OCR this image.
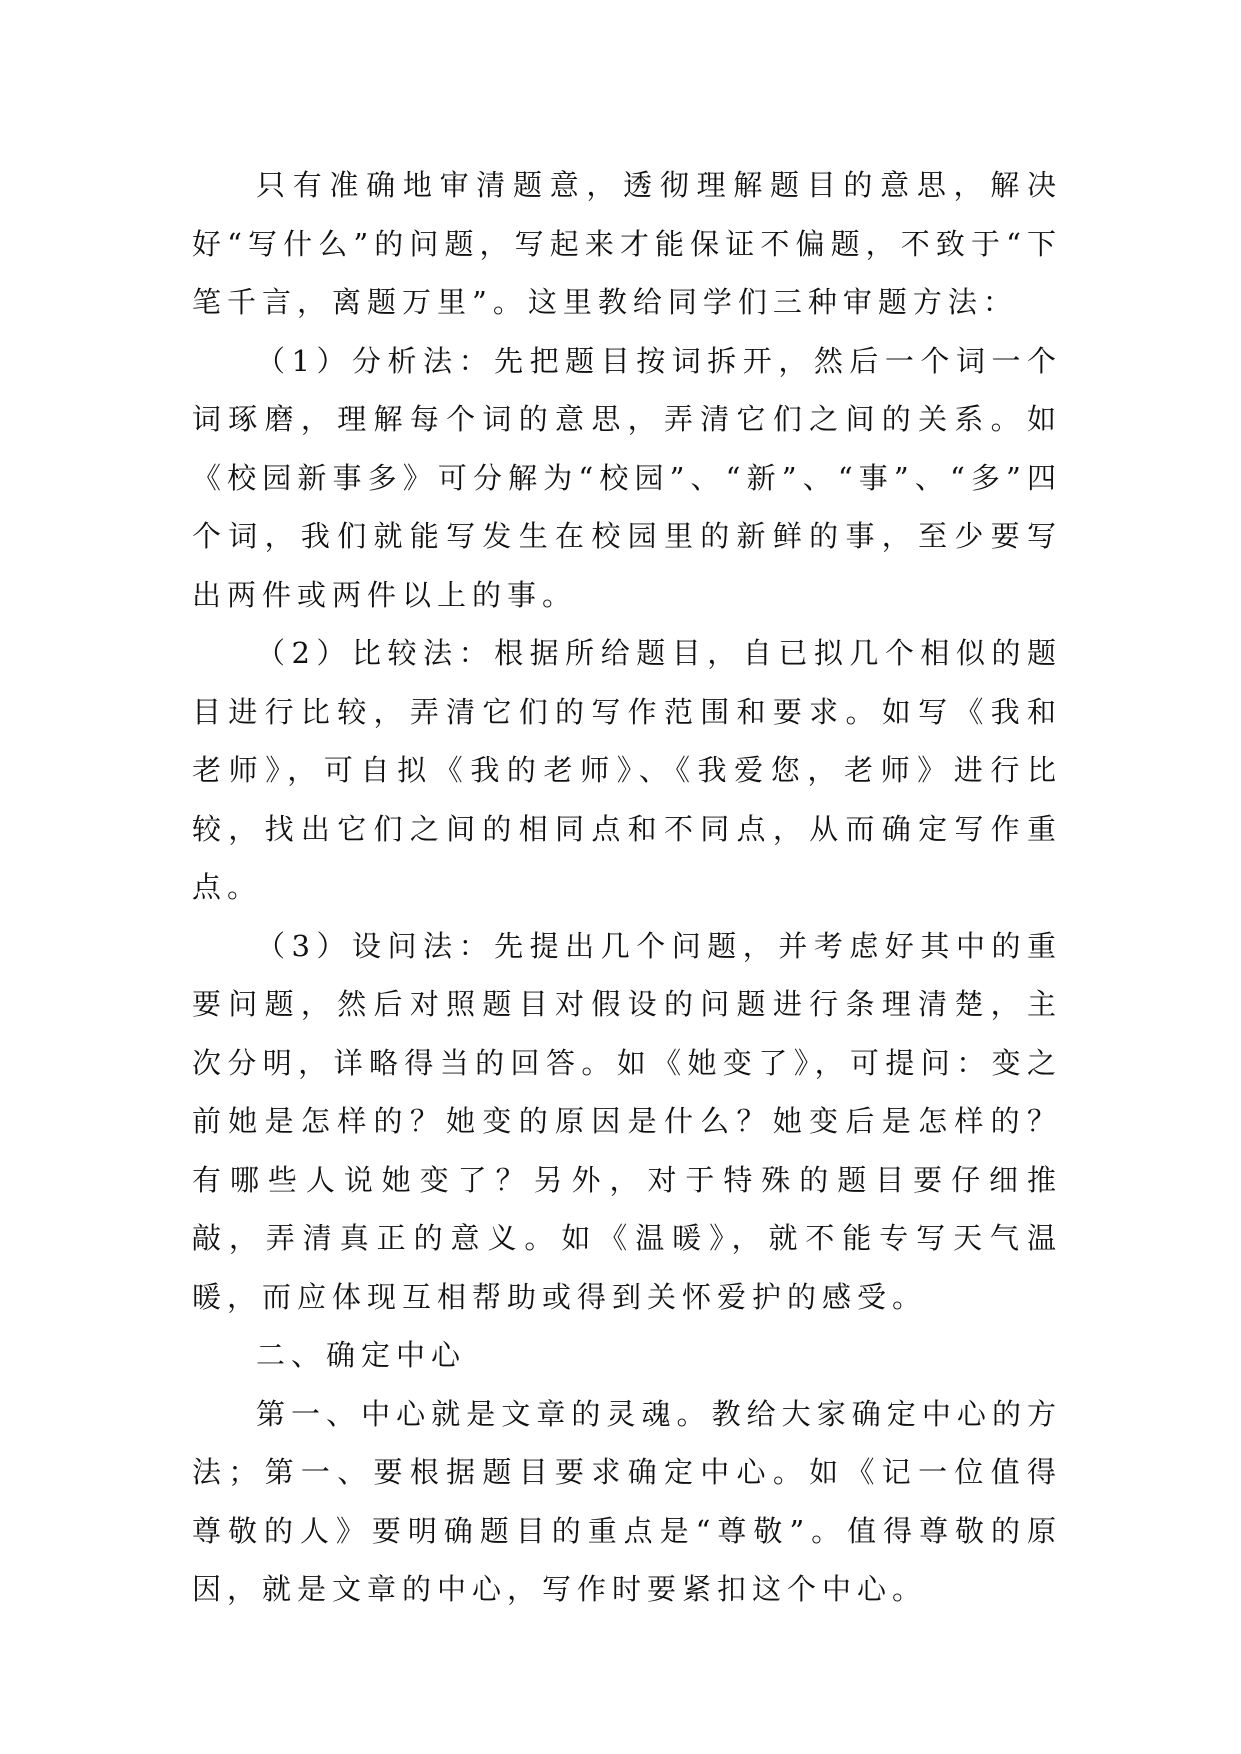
只有准确地审清题意，透彻理解题目的意思，解决好“写什么”的问题，写起来才能保证不偏题，不致于“下笔千言，离题万里”。这里教给同学们三种审题方法：

（1）分析法：先把题目按词拆开，然后一个词一个词琢磨，理解每个词的意思，弄清它们之间的关系。如《校园新事多》可分解为“校园”、“新”、“事”、“多”四个词，我们就能写发生在校园里的新鲜的事，至少要写出两件或两件以上的事。

（2）比较法：根据所给题目，自已拟几个相似的题目进行比较，弄清它们的写作范围和要求。如写《我和老师》，可自拟《我的老师》、《我爱您，老师》进行比较，找出它们之间的相同点和不同点，从而确定写作重点。

（3）设问法：先提出几个问题，并考虑好其中的重要问题，然后对照题目对假设的问题进行条理清楚，主次分明，详略得当的回答。如《她变了》，可提问：变之前她是怎样的？她变的原因是什么？她变后是怎样的？有哪些人说她变了？另外，对于特殊的题目要仔细推敲，弄清真正的意义。如《温暖》，就不能专写天气温暖，而应体现互相帮助或得到关怀爱护的感受。

二、确定中心

第一、中心就是文章的灵魂。教给大家确定中心的方法；第一、要根据题目要求确定中心。如《记一位值得尊敬的人》要明确题目的重点是“尊敬”。值得尊敬的原因，就是文章的中心，写作时要紧扣这个中心。
